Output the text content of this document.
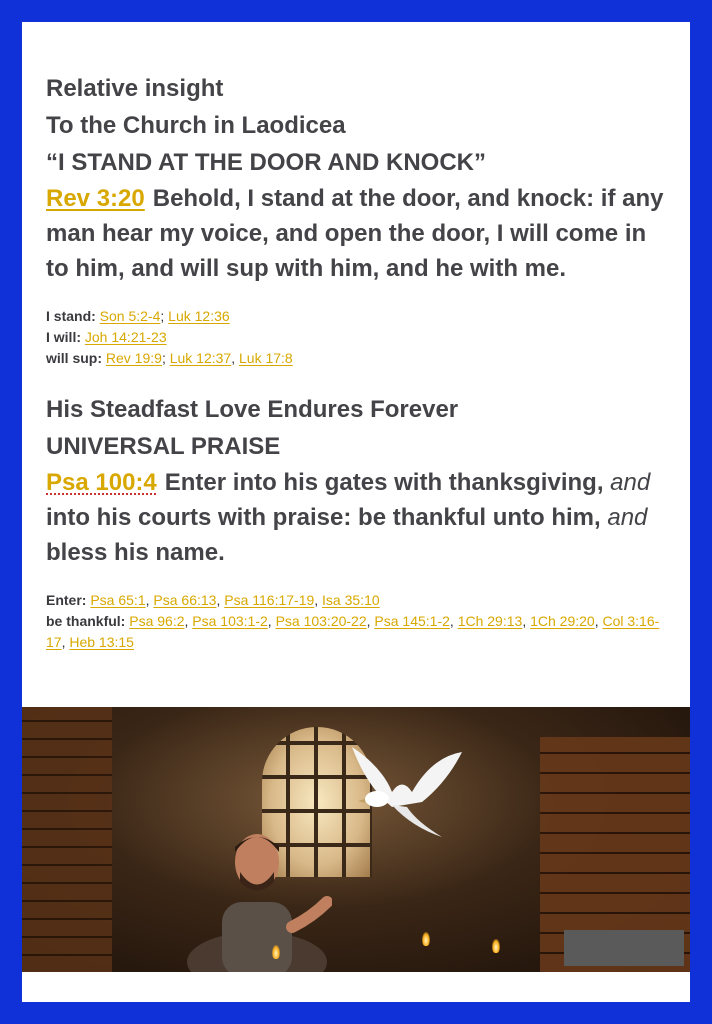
Relative insight
To the Church in Laodicea
“I STAND AT THE DOOR AND KNOCK”
Rev 3:20 Behold, I stand at the door, and knock: if any man hear my voice, and open the door, I will come in to him, and will sup with him, and he with me.
I stand: Son 5:2-4; Luk 12:36
I will: Joh 14:21-23
will sup: Rev 19:9; Luk 12:37, Luk 17:8
His Steadfast Love Endures Forever
UNIVERSAL PRAISE
Psa 100:4 Enter into his gates with thanksgiving, and into his courts with praise: be thankful unto him, and bless his name.
Enter: Psa 65:1, Psa 66:13, Psa 116:17-19, Isa 35:10
be thankful: Psa 96:2, Psa 103:1-2, Psa 103:20-22, Psa 145:1-2, 1Ch 29:13, 1Ch 29:20, Col 3:16-17, Heb 13:15
